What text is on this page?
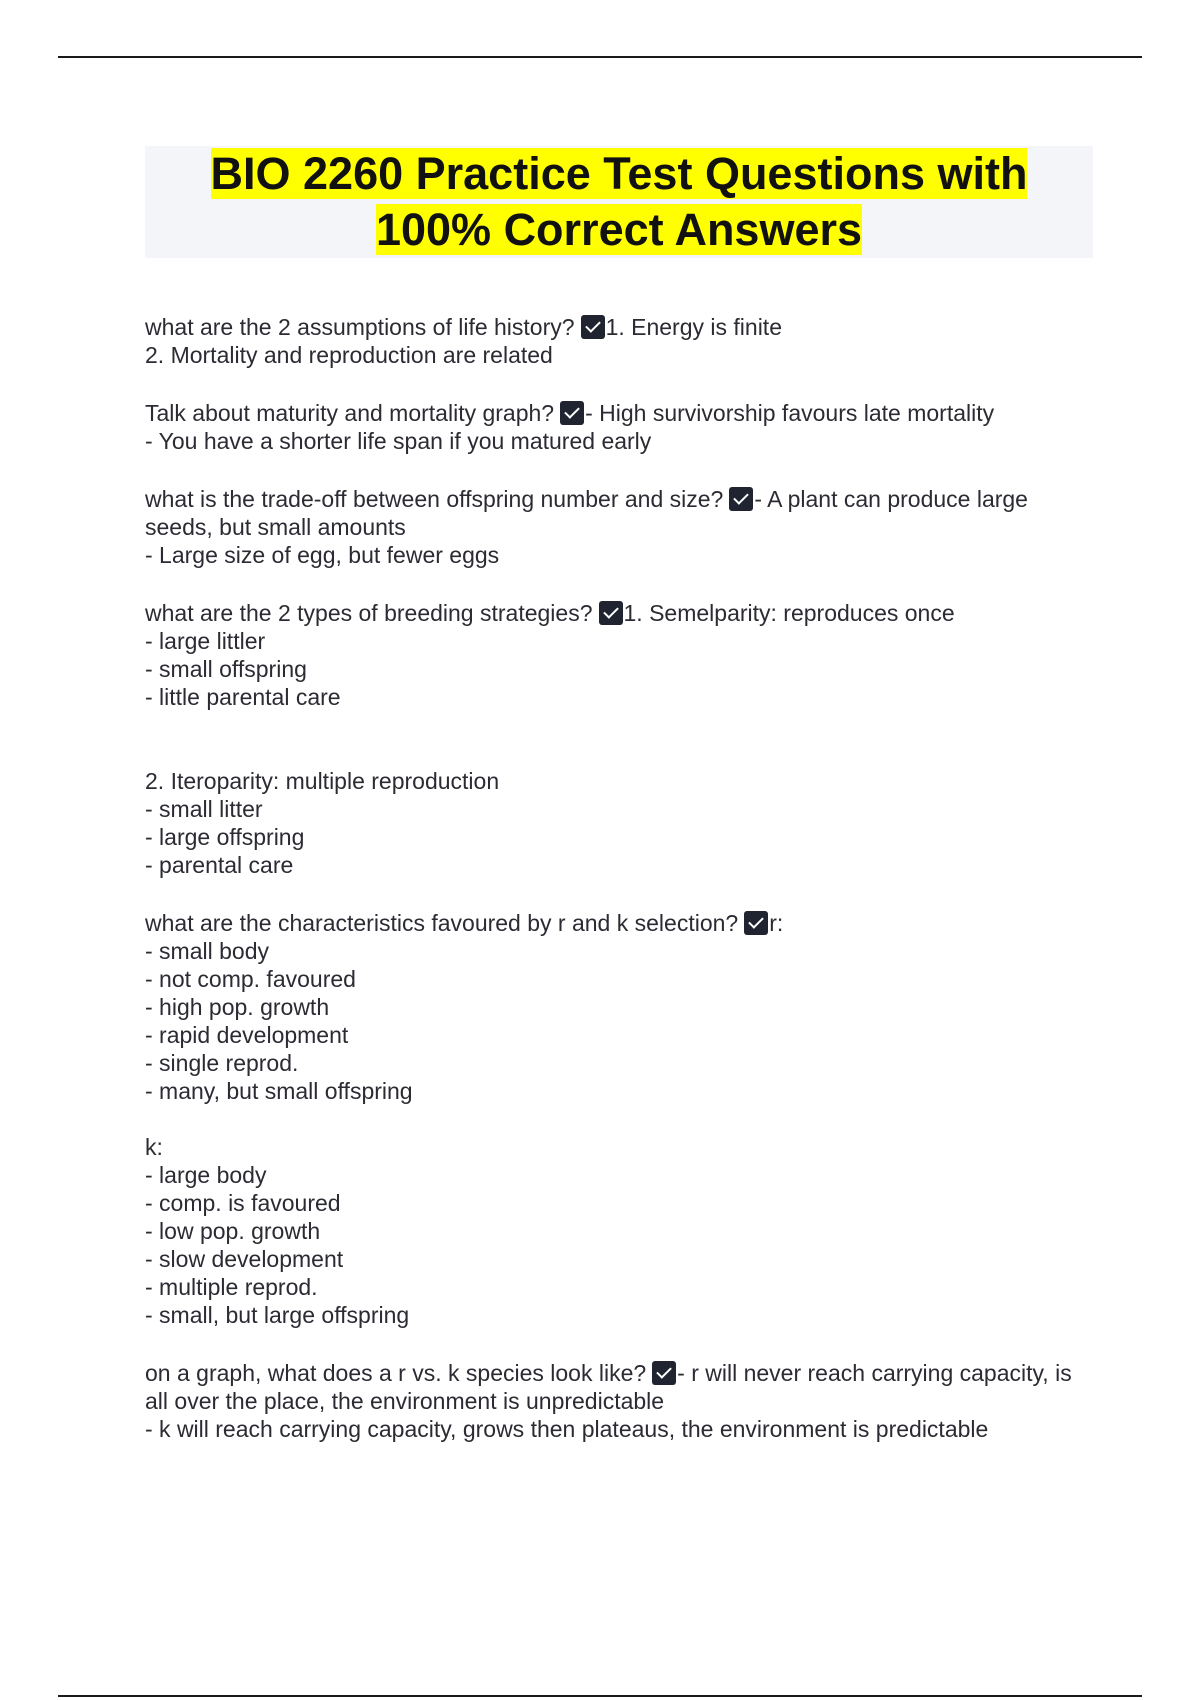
BIO 2260 Practice Test Questions with
100% Correct Answers
what are the 2 assumptions of life history? 1. Energy is finite
2. Mortality and reproduction are related
Talk about maturity and mortality graph? - High survivorship favours late mortality
- You have a shorter life span if you matured early
what is the trade-off between offspring number and size? - A plant can produce large seeds, but small amounts
- Large size of egg, but fewer eggs
what are the 2 types of breeding strategies? 1. Semelparity: reproduces once
- large littler
- small offspring
- little parental care
2. Iteroparity: multiple reproduction
- small litter
- large offspring
- parental care
what are the characteristics favoured by r and k selection? r:
- small body
- not comp. favoured
- high pop. growth
- rapid development
- single reprod.
- many, but small offspring
k:
- large body
- comp. is favoured
- low pop. growth
- slow development
- multiple reprod.
- small, but large offspring
on a graph, what does a r vs. k species look like? - r will never reach carrying capacity, is all over the place, the environment is unpredictable
- k will reach carrying capacity, grows then plateaus, the environment is predictable
